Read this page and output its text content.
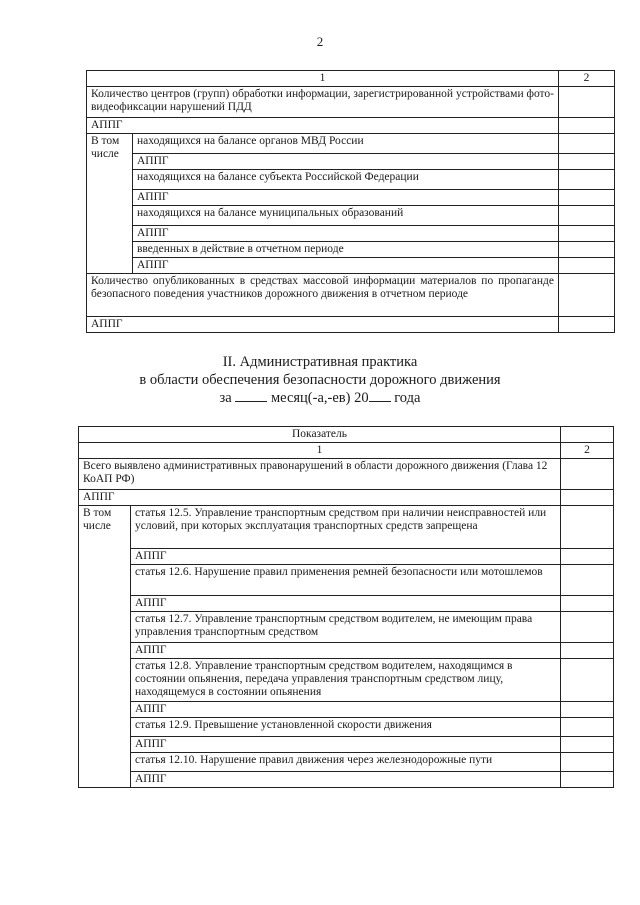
2
1		2
Количество центров (групп) обработки информации, зарегистрированной устройствами фото-видеофиксации нарушений ПДД		
АППГ		
В том числе	находящихся на балансе органов МВД России	
	АППГ	
	находящихся на балансе субъекта Российской Федерации	
	АППГ	
	находящихся на балансе муниципальных образований	
	АППГ	
	введенных в действие в отчетном периоде	
	АППГ	
Количество опубликованных в средствах массовой информации материалов по пропаганде безопасного поведения участников дорожного движения в отчетном периоде		
АППГ		
II. Административная практика
в области обеспечения безопасности дорожного движения
за	месяц(-а,-ев) 20 года
Показатель		
1		2
Всего выявлено административных правонарушений в области дорожного движения (Глава 12 КоАП РФ)		
АППГ		
В том числе	статья 12.5. Управление транспортным средством при наличии неисправностей или условий, при которых эксплуатация транспортных средств запрещена	
	АППГ	
	статья 12.6. Нарушение правил применения ремней безопасности или мотошлемов	
	АППГ	
	статья 12.7. Управление транспортным средством водителем, не имеющим права управления транспортным средством	
	АППГ	
	статья 12.8. Управление транспортным средством водителем, находящимся в состоянии опьянения, передача управления транспортным средством лицу, находящемуся в состоянии опьянения	
	АППГ	
	статья 12.9. Превышение установленной скорости движения	
	АППГ	
	статья 12.10. Нарушение правил движения через железнодорожные пути	
	АППГ	
